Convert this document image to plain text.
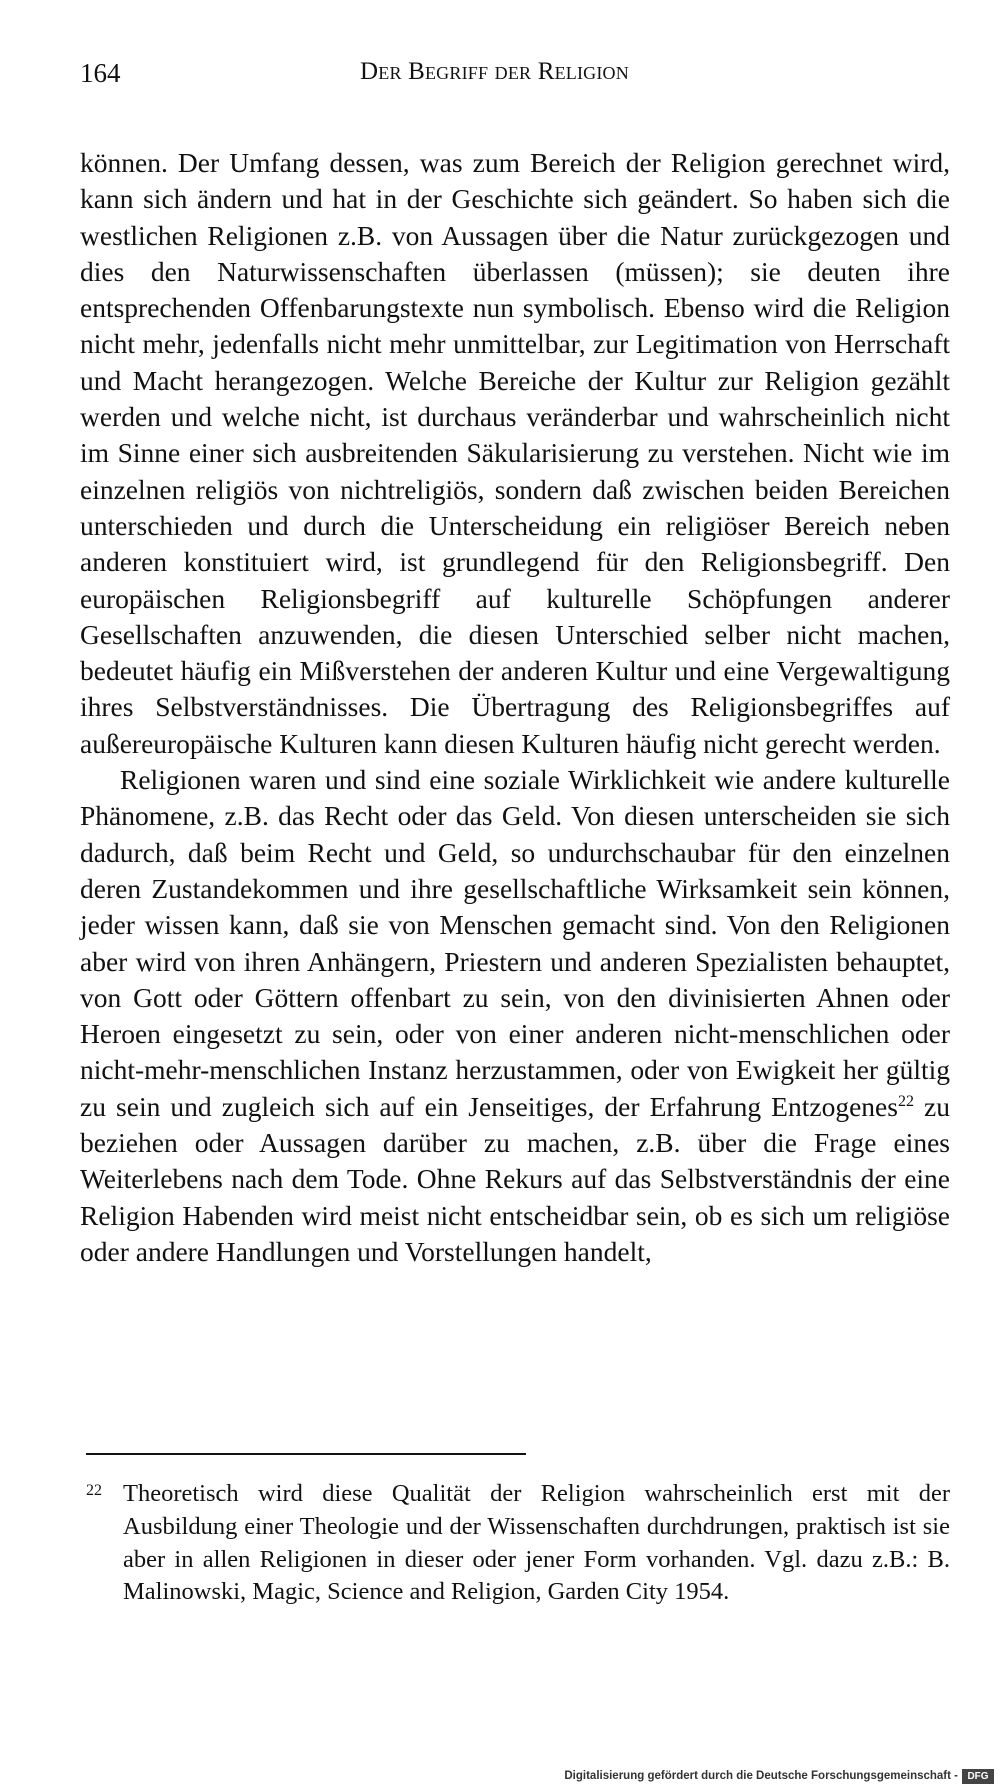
164	Der Begriff der Religion

können. Der Umfang dessen, was zum Bereich der Religion gerechnet wird, kann sich ändern und hat in der Geschichte sich geändert. So haben sich die westlichen Religionen z.B. von Aussagen über die Natur zurückgezogen und dies den Naturwissenschaften überlassen (müssen); sie deuten ihre entsprechenden Offenbarungstexte nun symbolisch. Ebenso wird die Religion nicht mehr, jedenfalls nicht mehr unmittelbar, zur Legitimation von Herrschaft und Macht herangezogen. Welche Bereiche der Kultur zur Religion gezählt werden und welche nicht, ist durchaus veränderbar und wahrscheinlich nicht im Sinne einer sich ausbreitenden Säkularisierung zu verstehen. Nicht wie im einzelnen religiös von nichtreligiös, sondern daß zwischen beiden Bereichen unterschieden und durch die Unterscheidung ein religiöser Bereich neben anderen konstituiert wird, ist grundlegend für den Religionsbegriff. Den europäischen Religionsbegriff auf kulturelle Schöpfungen anderer Gesellschaften anzuwenden, die diesen Unterschied selber nicht machen, bedeutet häufig ein Mißverstehen der anderen Kultur und eine Vergewaltigung ihres Selbstverständnisses. Die Übertragung des Religionsbegriffes auf außereuropäische Kulturen kann diesen Kulturen häufig nicht gerecht werden.

Religionen waren und sind eine soziale Wirklichkeit wie andere kulturelle Phänomene, z.B. das Recht oder das Geld. Von diesen unterscheiden sie sich dadurch, daß beim Recht und Geld, so undurchschaubar für den einzelnen deren Zustandekommen und ihre gesellschaftliche Wirksamkeit sein können, jeder wissen kann, daß sie von Menschen gemacht sind. Von den Religionen aber wird von ihren Anhängern, Priestern und anderen Spezialisten behauptet, von Gott oder Göttern offenbart zu sein, von den divinisierten Ahnen oder Heroen eingesetzt zu sein, oder von einer anderen nicht-menschlichen oder nicht-mehr-menschlichen Instanz herzustammen, oder von Ewigkeit her gültig zu sein und zugleich sich auf ein Jenseitiges, der Erfahrung Entzogenes$^{22}$ zu beziehen oder Aussagen darüber zu machen, z.B. über die Frage eines Weiterlebens nach dem Tode. Ohne Rekurs auf das Selbstverständnis der eine Religion Habenden wird meist nicht entscheidbar sein, ob es sich um religiöse oder andere Handlungen und Vorstellungen handelt,

22 Theoretisch wird diese Qualität der Religion wahrscheinlich erst mit der Ausbildung einer Theologie und der Wissenschaften durchdrungen, praktisch ist sie aber in allen Religionen in dieser oder jener Form vorhanden. Vgl. dazu z.B.: B. Malinowski, Magic, Science and Religion, Garden City 1954.
Digitalisierung gefördert durch die Deutsche Forschungsgemeinschaft - DFG
